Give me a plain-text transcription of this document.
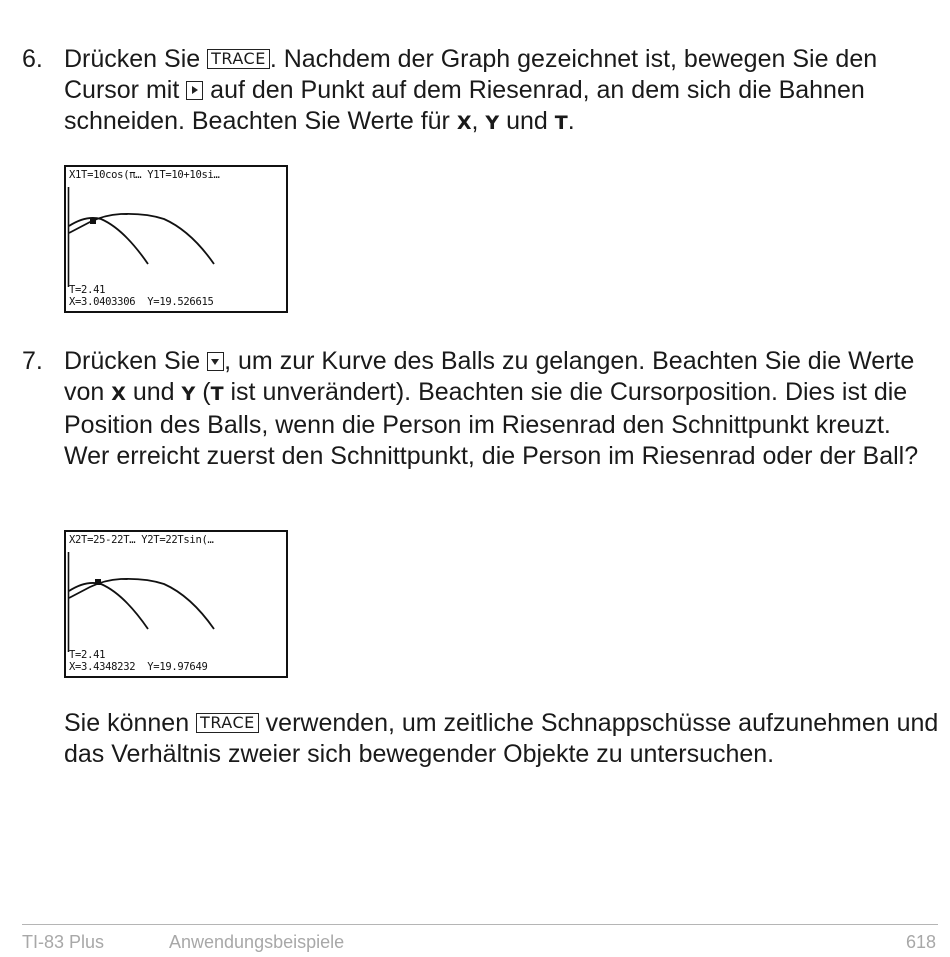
6. Drücken Sie TRACE . Nachdem der Graph gezeichnet ist, bewegen Sie den Cursor mit  auf den Punkt auf dem Riesenrad, an dem sich die Bahnen schneiden. Beachten Sie Werte für X, Y und T.
X1T=10cos(π… Y1T=10+10si…
T=2.41
X=3.0403306  Y=19.526615
7. Drücken Sie , um zur Kurve des Balls zu gelangen. Beachten Sie die Werte von X und Y (T ist unverändert). Beachten sie die Cursorposition. Dies ist die Position des Balls, wenn die Person im Riesenrad den Schnittpunkt kreuzt. Wer erreicht zuerst den Schnittpunkt, die Person im Riesenrad oder der Ball?
X2T=25-22T… Y2T=22Tsin(…
T=2.41
X=3.4348232  Y=19.97649
Sie können TRACE verwenden, um zeitliche Schnappschüsse aufzunehmen und das Verhältnis zweier sich bewegender Objekte zu untersuchen.
TI-83 Plus	Anwendungsbeispiele	618
